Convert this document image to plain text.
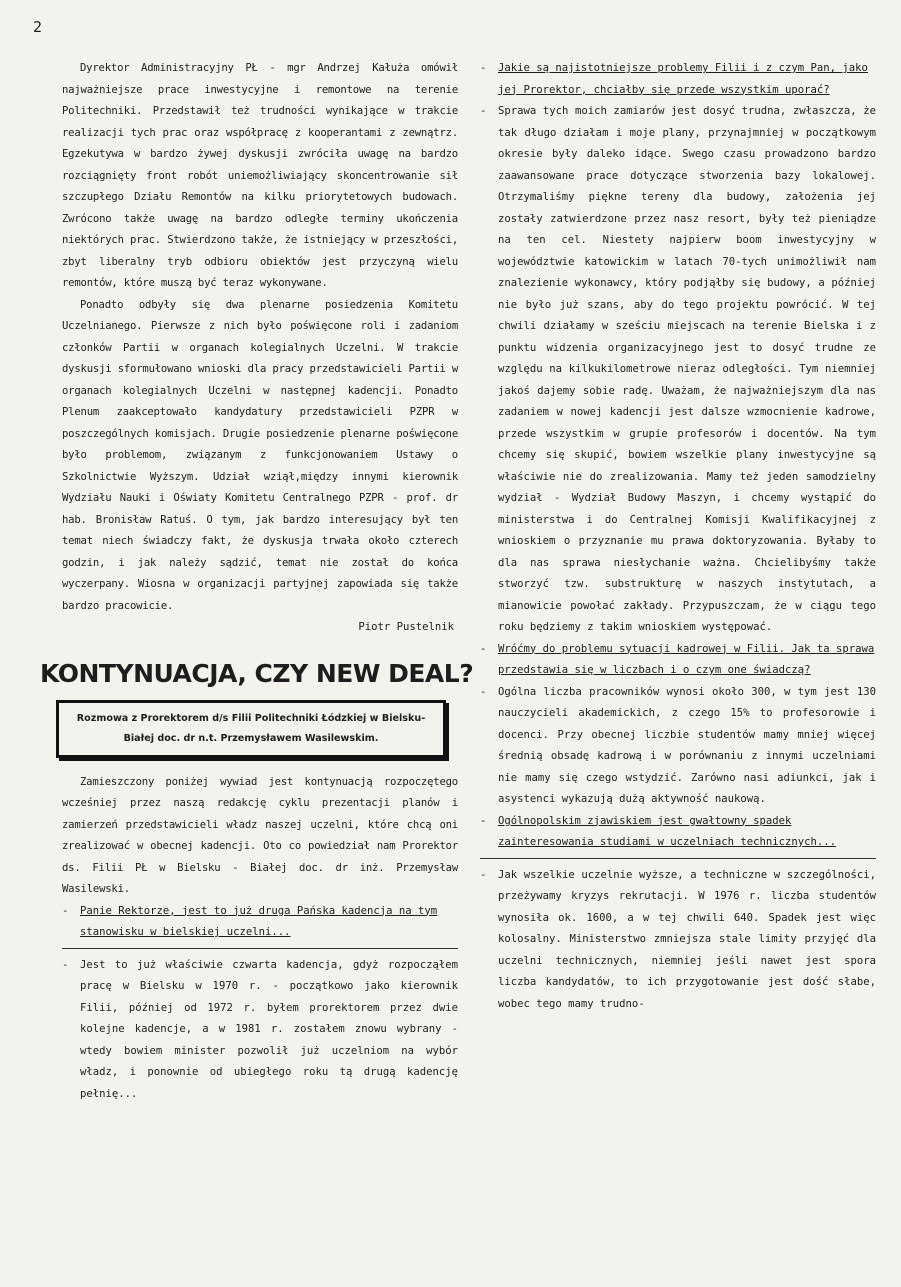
2

Dyrektor Administracyjny PŁ - mgr Andrzej Kałuża omówił najważniejsze prace inwestycyjne i remontowe na terenie Politechniki. Przedstawił też trudności wynikające w trakcie realizacji tych prac oraz współpracę z kooperantami z zewnątrz. Egzekutywa w bardzo żywej dyskusji zwróciła uwagę na bardzo rozciągnięty front robót uniemożliwiający skoncentrowanie sił szczupłego Działu Remontów na kilku priorytetowych budowach. Zwrócono także uwagę na bardzo odległe terminy ukończenia niektórych prac. Stwierdzono także, że istniejący w przeszłości, zbyt liberalny tryb odbioru obiektów jest przyczyną wielu remontów, które muszą być teraz wykonywane.

Ponadto odbyły się dwa plenarne posiedzenia Komitetu Uczelnianego. Pierwsze z nich było poświęcone roli i zadaniom członków Partii w organach kolegialnych Uczelni. W trakcie dyskusji sformułowano wnioski dla pracy przedstawicieli Partii w organach kolegialnych Uczelni w następnej kadencji. Ponadto Plenum zaakceptowało kandydatury przedstawicieli PZPR w poszczególnych komisjach. Drugie posiedzenie plenarne poświęcone było problemom, związanym z funkcjonowaniem Ustawy o Szkolnictwie Wyższym. Udział wziął,między innymi kierownik Wydziału Nauki i Oświaty Komitetu Centralnego PZPR - prof. dr hab. Bronisław Ratuś. O tym, jak bardzo interesujący był ten temat niech świadczy fakt, że dyskusja trwała około czterech godzin, i jak należy sądzić, temat nie został do końca wyczerpany. Wiosna w organizacji partyjnej zapowiada się także bardzo pracowicie.

Piotr Pustelnik

KONTYNUACJA, CZY NEW DEAL?
Rozmowa z Prorektorem d/s Filii Politechniki Łódzkiej w Bielsku-Białej doc. dr n.t. Przemysławem Wasilewskim.

Zamieszczony poniżej wywiad jest kontynuacją rozpoczętego wcześniej przez naszą redakcję cyklu prezentacji planów i zamierzeń przedstawicieli władz naszej uczelni, które chcą oni zrealizować w obecnej kadencji. Oto co powiedział nam Prorektor ds. Filii PŁ w Bielsku - Białej doc. dr inż. Przemysław Wasilewski.

- Panie Rektorze, jest to już druga Pańska kadencja na tym stanowisku w bielskiej uczelni...

- Jest to już właściwie czwarta kadencja, gdyż rozpocząłem pracę w Bielsku w 1970 r. - początkowo jako kierownik Filii, później od 1972 r. byłem prorektorem przez dwie kolejne kadencje, a w 1981 r. zostałem znowu wybrany - wtedy bowiem minister pozwolił już uczelniom na wybór władz, i ponownie od ubiegłego roku tą drugą kadencję pełnię...

- Jakie są najistotniejsze problemy Filii i z czym Pan, jako jej Prorektor, chciałby się przede wszystkim uporać?

- Sprawa tych moich zamiarów jest dosyć trudna, zwłaszcza, że tak długo działam i moje plany, przynajmniej w początkowym okresie były daleko idące. Swego czasu prowadzono bardzo zaawansowane prace dotyczące stworzenia bazy lokalowej. Otrzymaliśmy piękne tereny dla budowy, założenia jej zostały zatwierdzone przez nasz resort, były też pieniądze na ten cel. Niestety najpierw boom inwestycyjny w województwie katowickim w latach 70-tych unimożliwił nam znalezienie wykonawcy, który podjąłby się budowy, a później nie było już szans, aby do tego projektu powrócić. W tej chwili działamy w sześciu miejscach na terenie Bielska i z punktu widzenia organizacyjnego jest to dosyć trudne ze względu na kilkukilometrowe nieraz odległości. Tym niemniej jakoś dajemy sobie radę. Uważam, że najważniejszym dla nas zadaniem w nowej kadencji jest dalsze wzmocnienie kadrowe, przede wszystkim w grupie profesorów i docentów. Na tym chcemy się skupić, bowiem wszelkie plany inwestycyjne są właściwie nie do zrealizowania. Mamy też jeden samodzielny wydział - Wydział Budowy Maszyn, i chcemy wystąpić do ministerstwa i do Centralnej Komisji Kwalifikacyjnej z wnioskiem o przyznanie mu prawa doktoryzowania. Byłaby to dla nas sprawa niesłychanie ważna. Chcielibyśmy także stworzyć tzw. substrukturę w naszych instytutach, a mianowicie powołać zakłady. Przypuszczam, że w ciągu tego roku będziemy z takim wnioskiem występować.

- Wróćmy do problemu sytuacji kadrowej w Filii. Jak ta sprawa przedstawia się w liczbach i o czym one świadczą?

- Ogólna liczba pracowników wynosi około 300, w tym jest 130 nauczycieli akademickich, z czego 15% to profesorowie i docenci. Przy obecnej liczbie studentów mamy mniej więcej średnią obsadę kadrową i w porównaniu z innymi uczelniami nie mamy się czego wstydzić. Zarówno nasi adiunkci, jak i asystenci wykazują dużą aktywność naukową.

- Ogólnopolskim zjawiskiem jest gwałtowny spadek zainteresowania studiami w uczelniach technicznych...

- Jak wszelkie uczelnie wyższe, a techniczne w szczególności, przeżywamy kryzys rekrutacji. W 1976 r. liczba studentów wynosiła ok. 1600, a w tej chwili 640. Spadek jest więc kolosalny. Ministerstwo zmniejsza stale limity przyjęć dla uczelni technicznych, niemniej jeśli nawet jest spora liczba kandydatów, to ich przygotowanie jest dość słabe, wobec tego mamy trudno-
